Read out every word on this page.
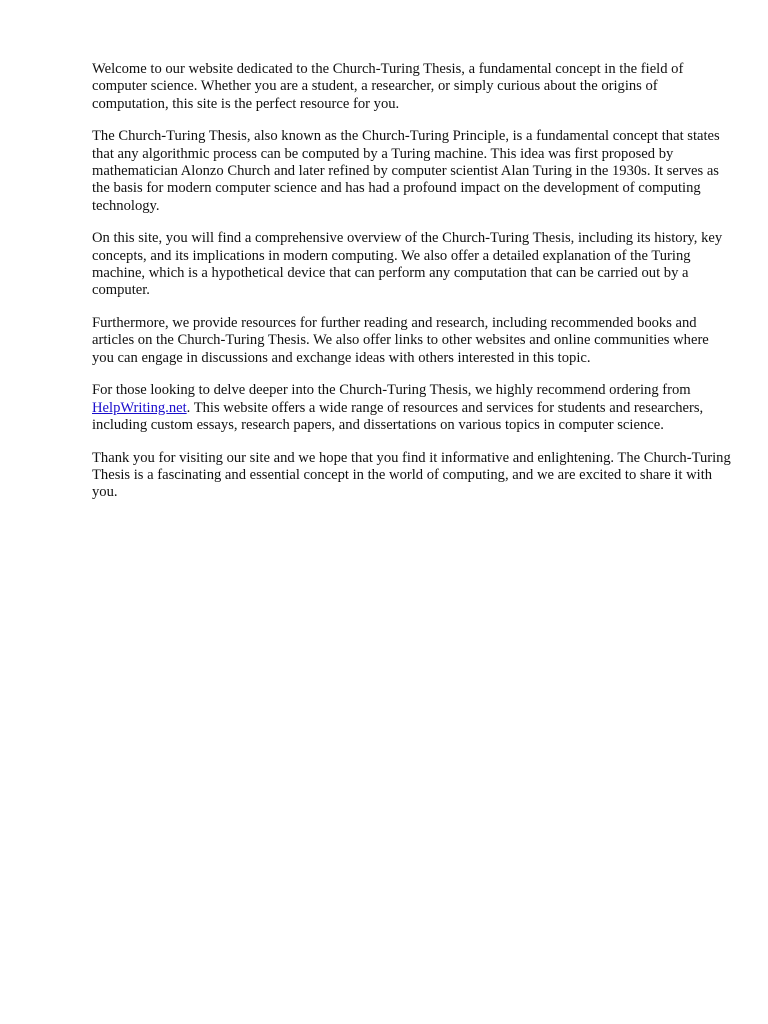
Welcome to our website dedicated to the Church-Turing Thesis, a fundamental concept in the field of computer science. Whether you are a student, a researcher, or simply curious about the origins of computation, this site is the perfect resource for you.

The Church-Turing Thesis, also known as the Church-Turing Principle, is a fundamental concept that states that any algorithmic process can be computed by a Turing machine. This idea was first proposed by mathematician Alonzo Church and later refined by computer scientist Alan Turing in the 1930s. It serves as the basis for modern computer science and has had a profound impact on the development of computing technology.

On this site, you will find a comprehensive overview of the Church-Turing Thesis, including its history, key concepts, and its implications in modern computing. We also offer a detailed explanation of the Turing machine, which is a hypothetical device that can perform any computation that can be carried out by a computer.

Furthermore, we provide resources for further reading and research, including recommended books and articles on the Church-Turing Thesis. We also offer links to other websites and online communities where you can engage in discussions and exchange ideas with others interested in this topic.

For those looking to delve deeper into the Church-Turing Thesis, we highly recommend ordering from HelpWriting.net. This website offers a wide range of resources and services for students and researchers, including custom essays, research papers, and dissertations on various topics in computer science.

Thank you for visiting our site and we hope that you find it informative and enlightening. The Church-Turing Thesis is a fascinating and essential concept in the world of computing, and we are excited to share it with you.
